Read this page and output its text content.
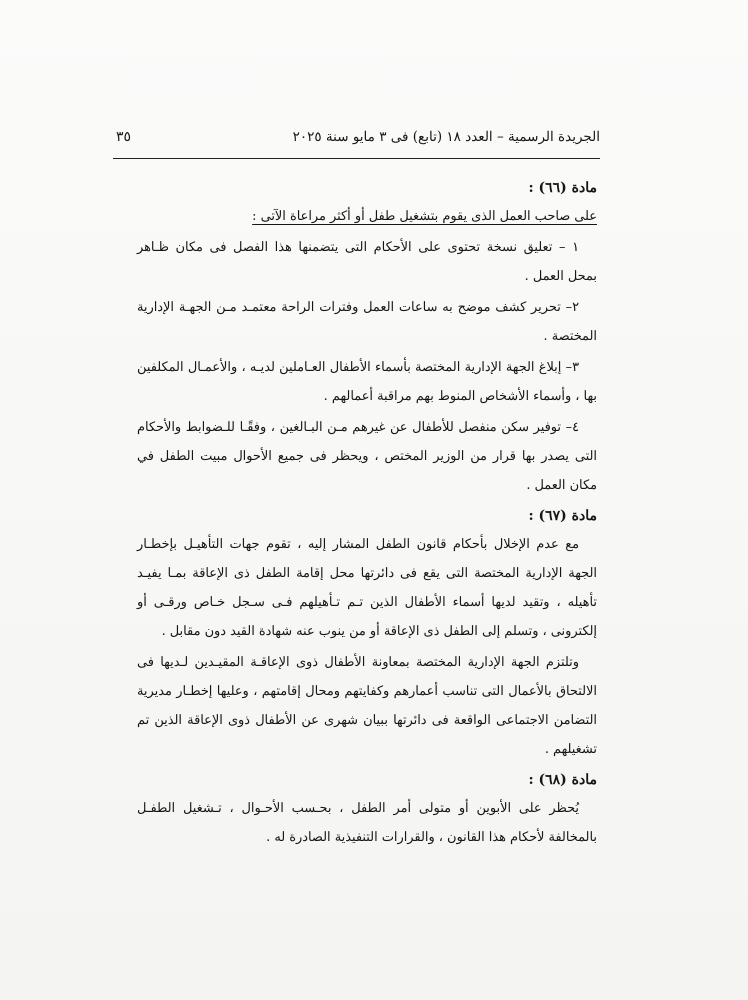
الجريدة الرسمية – العدد ١٨ (تابع) فى ٣ مايو سنة ٢٠٢٥
٣٥

مادة (٦٦) :

على صاحب العمل الذى يقوم بتشغيل طفل أو أكثر مراعاة الآتى :

١ – تعليق نسخة تحتوى على الأحكام التى يتضمنها هذا الفصل فى مكان ظـاهر بمحل العمل .

٢– تحرير كشف موضح به ساعات العمل وفترات الراحة معتمـد مـن الجهـة الإدارية المختصة .

٣– إبلاغ الجهة الإدارية المختصة بأسماء الأطفال العـاملين لديـه ، والأعمـال المكلفين بها ، وأسماء الأشخاص المنوط بهم مراقبة أعمالهم .

٤– توفير سكن منفصل للأطفال عن غيرهم مـن البـالغين ، وفقًـا للـضوابط والأحكام التى يصدر بها قرار من الوزير المختص ، ويحظر فى جميع الأحوال مبيت الطفل في مكان العمل .

مادة (٦٧) :

مع عدم الإخلال بأحكام قانون الطفل المشار إليه ، تقوم جهات التأهيـل بإخطـار الجهة الإدارية المختصة التى يقع فى دائرتها محل إقامة الطفل ذى الإعاقة بمـا يفيـد تأهيله ، وتقيد لديها أسماء الأطفال الذين تـم تـأهيلهم فـى سـجل خـاص ورقـى أو إلكترونى ، وتسلم إلى الطفل ذى الإعاقة أو من ينوب عنه شهادة القيد دون مقابل .

وتلتزم الجهة الإدارية المختصة بمعاونة الأطفال ذوى الإعاقـة المقيـدين لـديها فى الالتحاق بالأعمال التى تناسب أعمارهم وكفايتهم ومحال إقامتهم ، وعليها إخطـار مديرية التضامن الاجتماعى الواقعة فى دائرتها ببيان شهرى عن الأطفال ذوى الإعاقة الذين تم تشغيلهم .

مادة (٦٨) :

يُحظر على الأبوين أو متولى أمر الطفل ، بحـسب الأحـوال ، تـشغيل الطفـل بالمخالفة لأحكام هذا القانون ، والقرارات التنفيذية الصادرة له .
